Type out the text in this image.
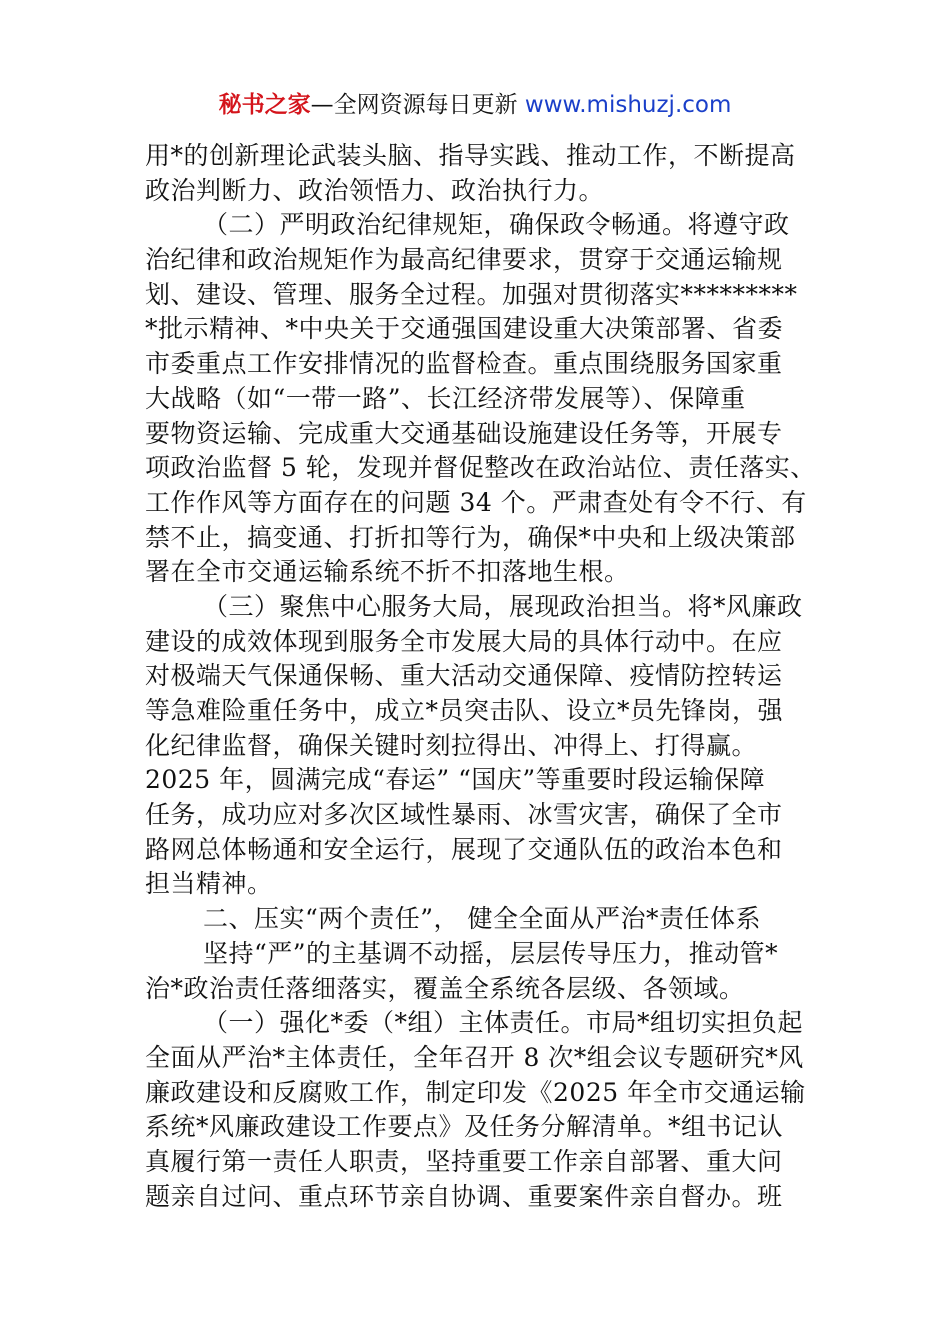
秘书之家—全网资源每日更新 www.mishuzj.com
用*的创新理论武装头脑、指导实践、推动工作，不断提高
政治判断力、政治领悟力、政治执行力。
（二）严明政治纪律规矩，确保政令畅通。将遵守政
治纪律和政治规矩作为最高纪律要求，贯穿于交通运输规
划、建设、管理、服务全过程。加强对贯彻落实*********
*批示精神、*中央关于交通强国建设重大决策部署、省委
市委重点工作安排情况的监督检查。重点围绕服务国家重
大战略（如“一带一路”、长江经济带发展等）、保障重
要物资运输、完成重大交通基础设施建设任务等，开展专
项政治监督 5 轮，发现并督促整改在政治站位、责任落实、
工作作风等方面存在的问题 34 个。严肃查处有令不行、有
禁不止，搞变通、打折扣等行为，确保*中央和上级决策部
署在全市交通运输系统不折不扣落地生根。
（三）聚焦中心服务大局，展现政治担当。将*风廉政
建设的成效体现到服务全市发展大局的具体行动中。在应
对极端天气保通保畅、重大活动交通保障、疫情防控转运
等急难险重任务中，成立*员突击队、设立*员先锋岗，强
化纪律监督，确保关键时刻拉得出、冲得上、打得赢。
2025 年，圆满完成“春运” “国庆”等重要时段运输保障
任务，成功应对多次区域性暴雨、冰雪灾害，确保了全市
路网总体畅通和安全运行，展现了交通队伍的政治本色和
担当精神。
二、压实“两个责任”， 健全全面从严治*责任体系
坚持“严”的主基调不动摇，层层传导压力，推动管*
治*政治责任落细落实，覆盖全系统各层级、各领域。
（一）强化*委（*组）主体责任。市局*组切实担负起
全面从严治*主体责任，全年召开 8 次*组会议专题研究*风
廉政建设和反腐败工作，制定印发《2025 年全市交通运输
系统*风廉政建设工作要点》及任务分解清单。*组书记认
真履行第一责任人职责，坚持重要工作亲自部署、重大问
题亲自过问、重点环节亲自协调、重要案件亲自督办。班
